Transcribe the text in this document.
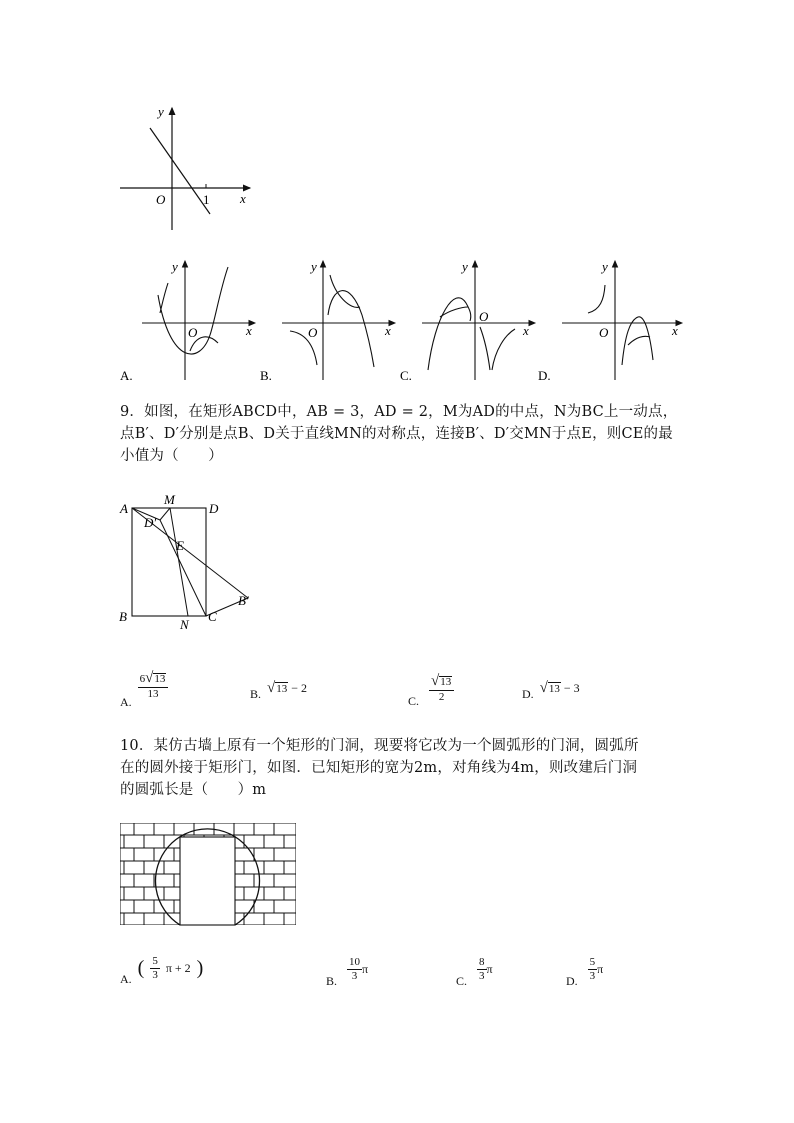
y
x
O	1
y
x
O
y
x
O
y
x
O
y
x
O
A.	B.	C.	D.
9．如图，在矩形ABCD中，AB = 3，AD = 2，M为AD的中点，N为BC上一动点，
点B′、D′分别是点B、D关于直线MN的对称点，连接B′、D′交MN于点E，则CE的最
小值为（　　）
A
M
D
D′
E
B
B′
N
C
A.
$\frac{6√13}{13}$	B. √13 − 2
C. $\frac{√13}{2}$	D. √13 − 3
10．某仿古墙上原有一个矩形的门洞，现要将它改为一个圆弧形的门洞，圆弧所
在的圆外接于矩形门，如图．已知矩形的宽为2m，对角线为4m，则改建后门洞
的圆弧长是（　　）m
A. ( $\frac{5}{3}$ π + 2 )
B. $\frac{10}{3}$ π
C. $\frac{8}{3}$ π
D. $\frac{5}{3}$ π
